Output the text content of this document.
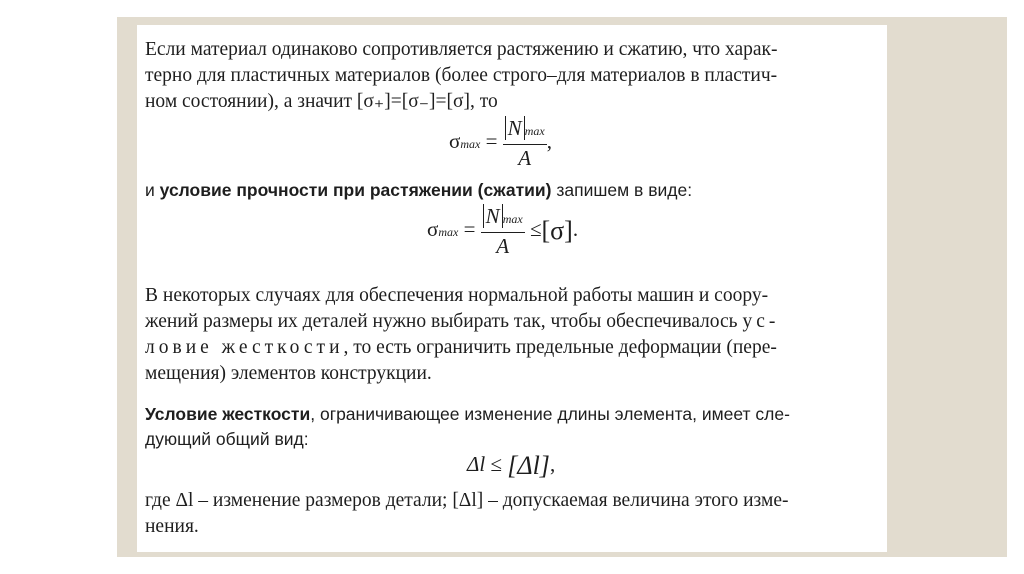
Если материал одинаково сопротивляется растяжению и сжатию, что харак-
терно для пластичных материалов (более строго–для материалов в пластич-
ном состоянии), а значит [σ₊]=[σ₋]=[σ], то
$\sigma\max = \frac{\text{N max}}{A}$ ,
и условие прочности при растяжении (сжатии) запишем в виде:
$\sigma\max = \frac{\text{N max}}{A} \le[\sigma]$.
В некоторых случаях для обеспечения нормальной работы машин и соору-
жений размеры их деталей нужно выбирать так, чтобы обеспечивалось ус-
ловие жесткости, то есть ограничить предельные деформации (пере-
мещения) элементов конструкции.
Условие жесткости, ограничивающее изменение длины элемента, имеет сле-
дующий общий вид:
Δl ≤ [Δl],
где Δl – изменение размеров детали; [Δl] – допускаемая величина этого изме-
нения.
